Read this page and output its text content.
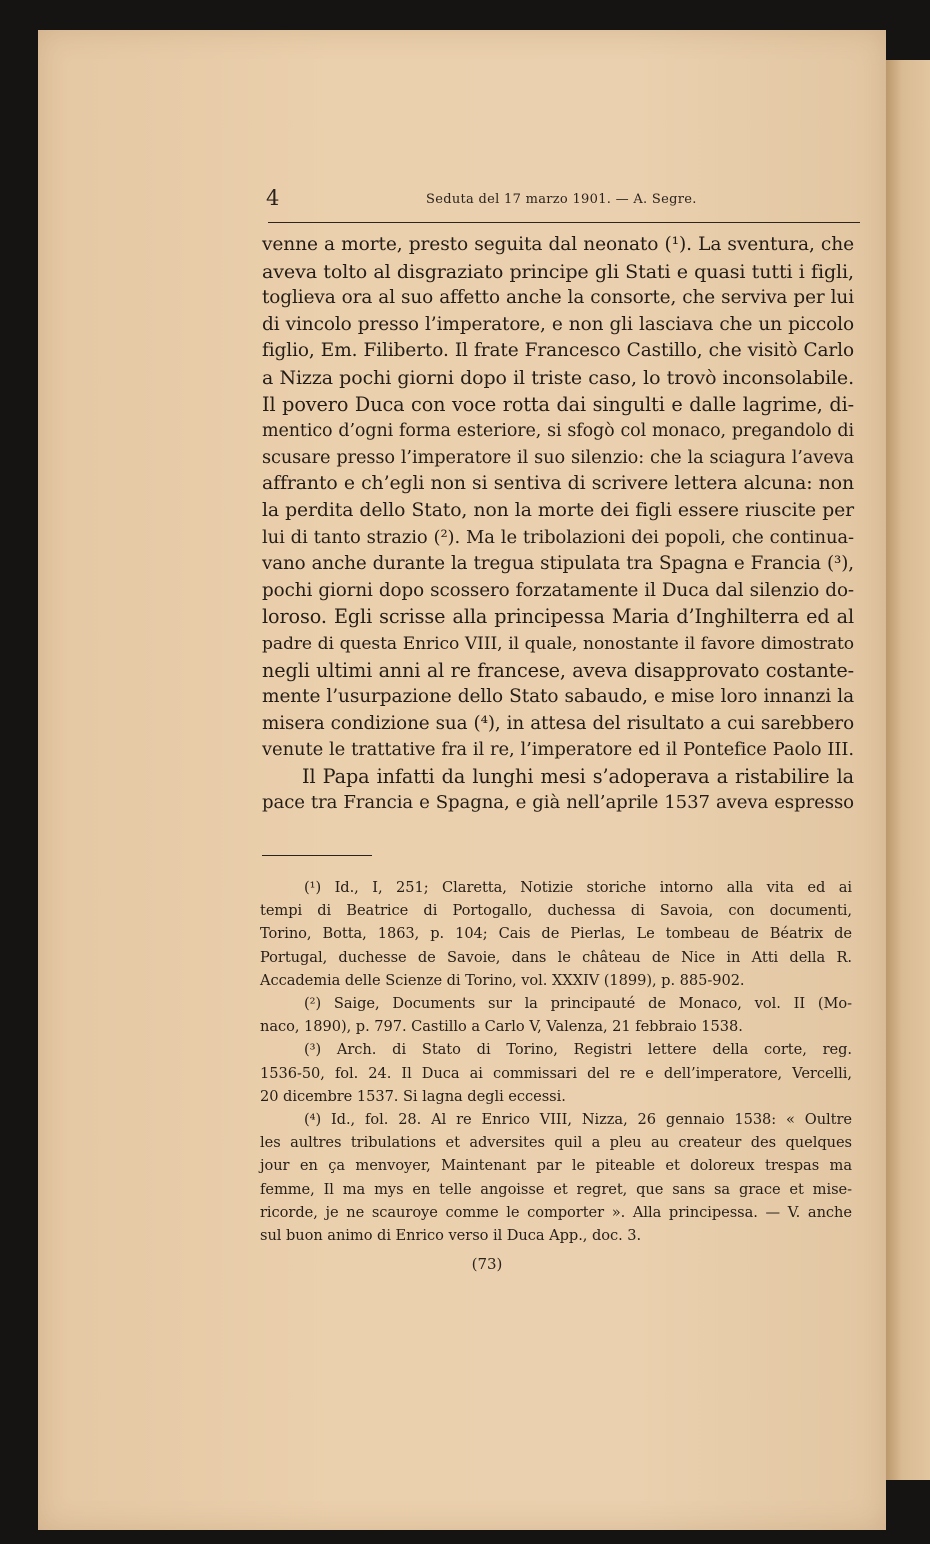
4	Seduta del 17 marzo 1901. — A. Segre.
venne a morte, presto seguita dal neonato (¹). La sventura, che
aveva tolto al disgraziato principe gli Stati e quasi tutti i figli,
toglieva ora al suo affetto anche la consorte, che serviva per lui
di vincolo presso l’imperatore, e non gli lasciava che un piccolo
figlio, Em. Filiberto. Il frate Francesco Castillo, che visitò Carlo
a Nizza pochi giorni dopo il triste caso, lo trovò inconsolabile.
Il povero Duca con voce rotta dai singulti e dalle lagrime, di-
mentico d’ogni forma esteriore, si sfogò col monaco, pregandolo di
scusare presso l’imperatore il suo silenzio: che la sciagura l’aveva
affranto e ch’egli non si sentiva di scrivere lettera alcuna: non
la perdita dello Stato, non la morte dei figli essere riuscite per
lui di tanto strazio (²). Ma le tribolazioni dei popoli, che continua-
vano anche durante la tregua stipulata tra Spagna e Francia (³),
pochi giorni dopo scossero forzatamente il Duca dal silenzio do-
loroso. Egli scrisse alla principessa Maria d’Inghilterra ed al
padre di questa Enrico VIII, il quale, nonostante il favore dimostrato
negli ultimi anni al re francese, aveva disapprovato costante-
mente l’usurpazione dello Stato sabaudo, e mise loro innanzi la
misera condizione sua (⁴), in attesa del risultato a cui sarebbero
venute le trattative fra il re, l’imperatore ed il Pontefice Paolo III.
Il Papa infatti da lunghi mesi s’adoperava a ristabilire la
pace tra Francia e Spagna, e già nell’aprile 1537 aveva espresso
(¹) Id., I, 251; Claretta, Notizie storiche intorno alla vita ed ai
tempi di Beatrice di Portogallo, duchessa di Savoia, con documenti,
Torino, Botta, 1863, p. 104; Cais de Pierlas, Le tombeau de Béatrix de
Portugal, duchesse de Savoie, dans le château de Nice in Atti della R.
Accademia delle Scienze di Torino, vol. XXXIV (1899), p. 885-902.
(²) Saige, Documents sur la principauté de Monaco, vol. II (Mo-
naco, 1890), p. 797. Castillo a Carlo V, Valenza, 21 febbraio 1538.
(³) Arch. di Stato di Torino, Registri lettere della corte, reg.
1536-50, fol. 24. Il Duca ai commissari del re e dell’imperatore, Vercelli,
20 dicembre 1537. Si lagna degli eccessi.
(⁴) Id., fol. 28. Al re Enrico VIII, Nizza, 26 gennaio 1538: « Oultre
les aultres tribulations et adversites quil a pleu au createur des quelques
jour en ça menvoyer, Maintenant par le piteable et doloreux trespas ma
femme, Il ma mys en telle angoisse et regret, que sans sa grace et mise-
ricorde, je ne scauroye comme le comporter ». Alla principessa. — V. anche
sul buon animo di Enrico verso il Duca App., doc. 3.
(73)
